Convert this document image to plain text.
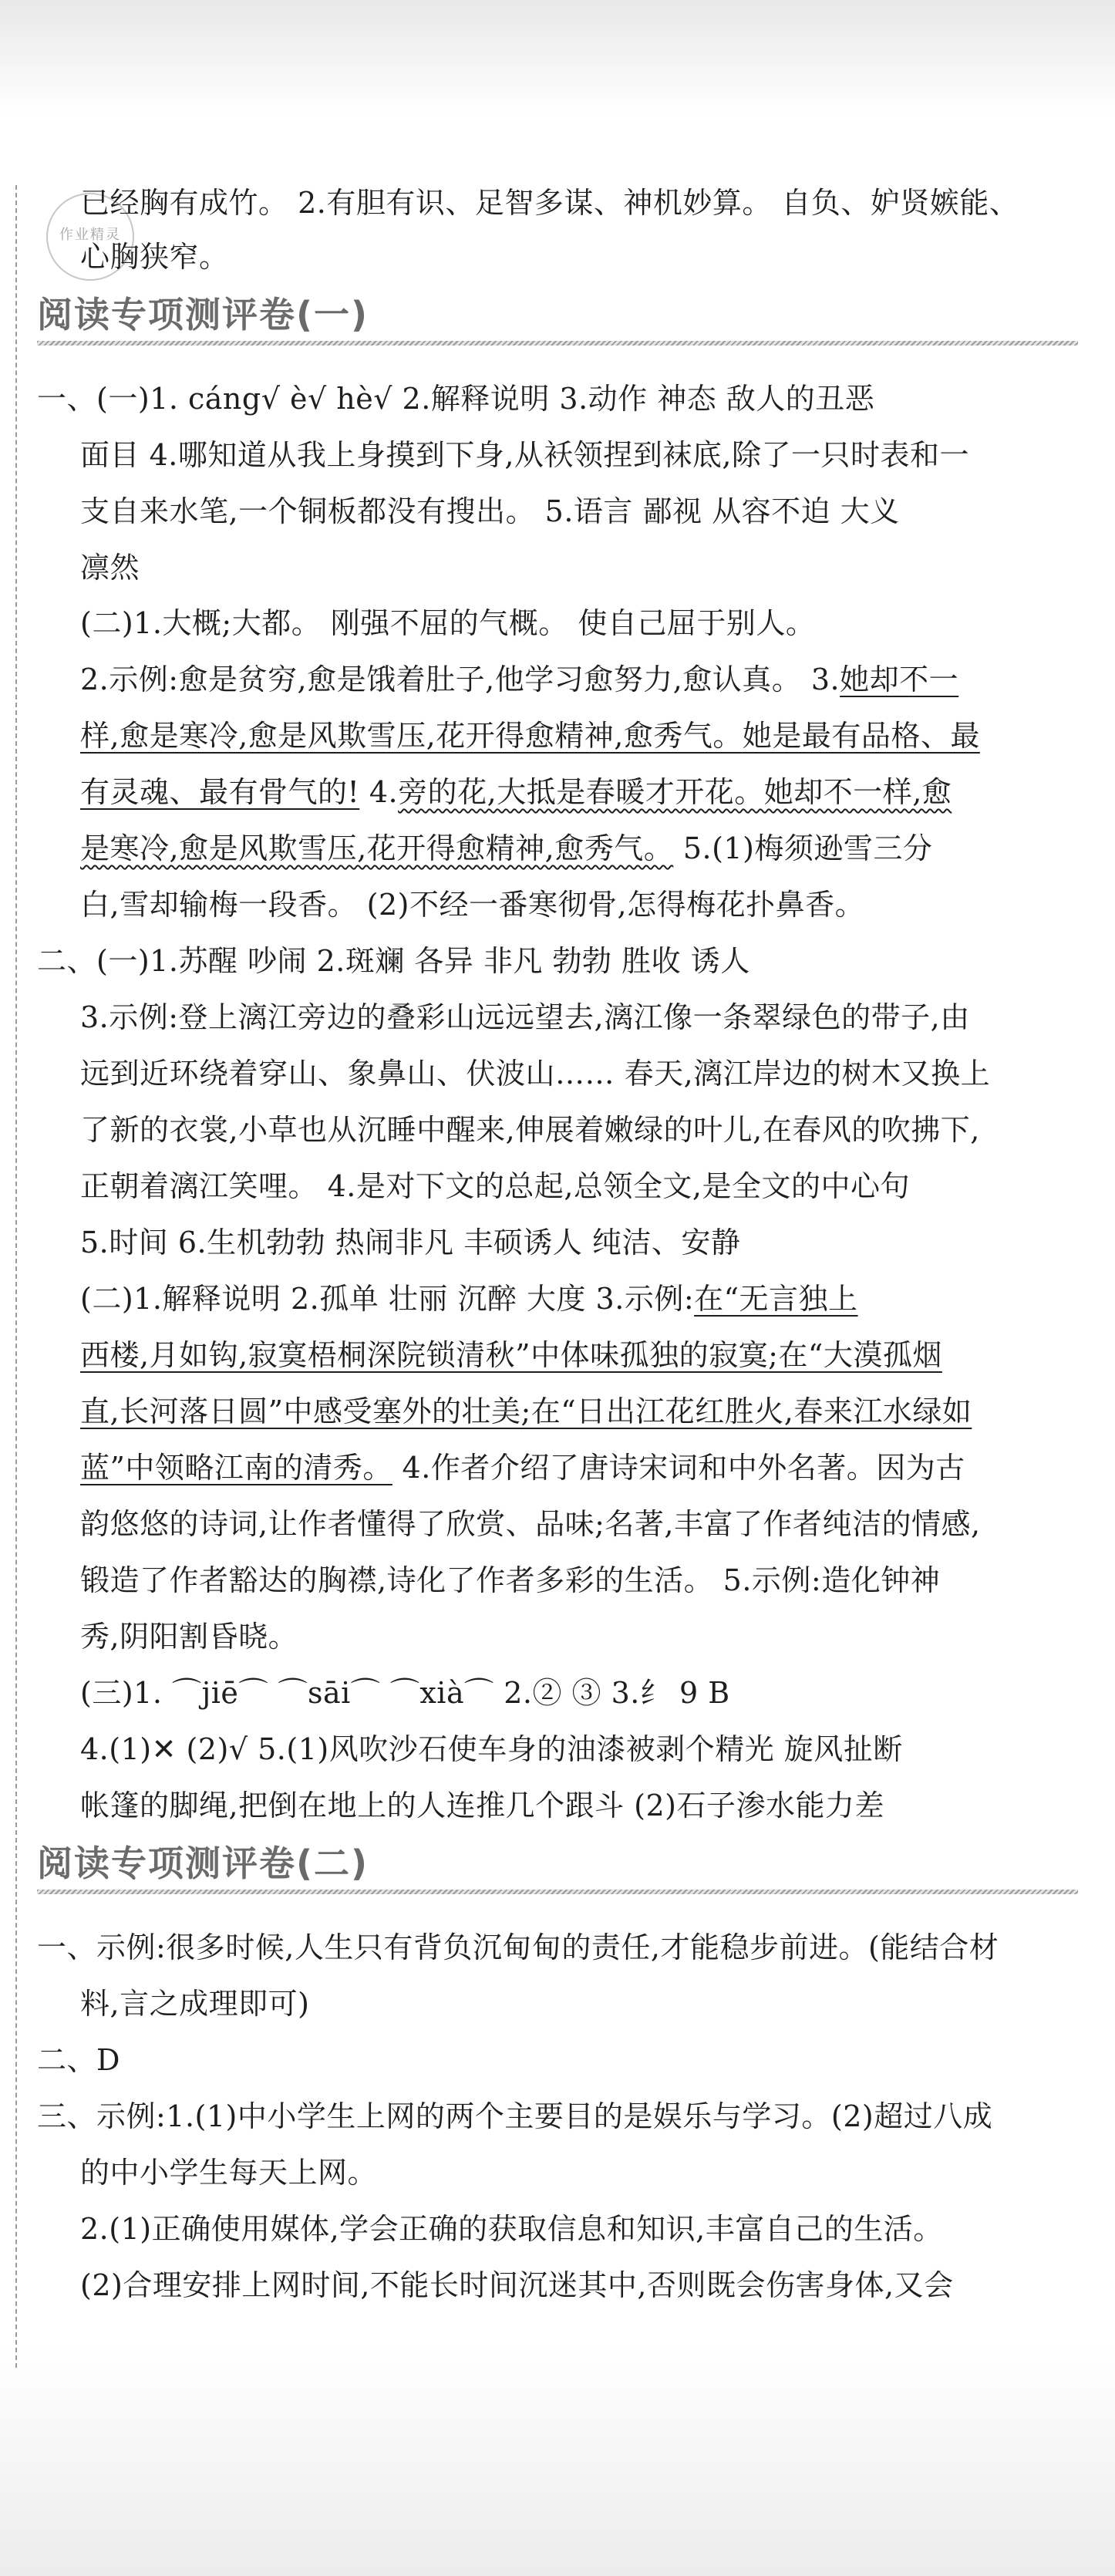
作业精灵
已经胸有成竹。 2.有胆有识、足智多谋、神机妙算。 自负、妒贤嫉能、
心胸狭窄。
阅读专项测评卷(一)
一、(一)1. cáng√ è√ hè√ 2.解释说明 3.动作 神态 敌人的丑恶
面目 4.哪知道从我上身摸到下身,从袄领捏到袜底,除了一只时表和一
支自来水笔,一个铜板都没有搜出。 5.语言 鄙视 从容不迫 大义
凛然
(二)1.大概;大都。 刚强不屈的气概。 使自己屈于别人。
2.示例:愈是贫穷,愈是饿着肚子,他学习愈努力,愈认真。 3.她却不一
样,愈是寒冷,愈是风欺雪压,花开得愈精神,愈秀气。她是最有品格、最
有灵魂、最有骨气的! 4.旁的花,大抵是春暖才开花。她却不一样,愈
是寒冷,愈是风欺雪压,花开得愈精神,愈秀气。 5.(1)梅须逊雪三分
白,雪却输梅一段香。 (2)不经一番寒彻骨,怎得梅花扑鼻香。
二、(一)1.苏醒 吵闹 2.斑斓 各异 非凡 勃勃 胜收 诱人
3.示例:登上漓江旁边的叠彩山远远望去,漓江像一条翠绿色的带子,由
远到近环绕着穿山、象鼻山、伏波山…… 春天,漓江岸边的树木又换上
了新的衣裳,小草也从沉睡中醒来,伸展着嫩绿的叶儿,在春风的吹拂下,
正朝着漓江笑哩。 4.是对下文的总起,总领全文,是全文的中心句
5.时间 6.生机勃勃 热闹非凡 丰硕诱人 纯洁、安静
(二)1.解释说明 2.孤单 壮丽 沉醉 大度 3.示例:在“无言独上
西楼,月如钩,寂寞梧桐深院锁清秋”中体味孤独的寂寞;在“大漠孤烟
直,长河落日圆”中感受塞外的壮美;在“日出江花红胜火,春来江水绿如
蓝”中领略江南的清秀。 4.作者介绍了唐诗宋词和中外名著。因为古
韵悠悠的诗词,让作者懂得了欣赏、品味;名著,丰富了作者纯洁的情感,
锻造了作者豁达的胸襟,诗化了作者多彩的生活。 5.示例:造化钟神
秀,阴阳割昏晓。
(三)1. ⌒jiē⌒ ⌒sāi⌒ ⌒xià⌒ 2.② ③ 3.纟 9 B
4.(1)✕ (2)√ 5.(1)风吹沙石使车身的油漆被剥个精光 旋风扯断
帐篷的脚绳,把倒在地上的人连推几个跟斗 (2)石子渗水能力差
阅读专项测评卷(二)
一、示例:很多时候,人生只有背负沉甸甸的责任,才能稳步前进。(能结合材
料,言之成理即可)
二、D
三、示例:1.(1)中小学生上网的两个主要目的是娱乐与学习。(2)超过八成
的中小学生每天上网。
2.(1)正确使用媒体,学会正确的获取信息和知识,丰富自己的生活。
(2)合理安排上网时间,不能长时间沉迷其中,否则既会伤害身体,又会
